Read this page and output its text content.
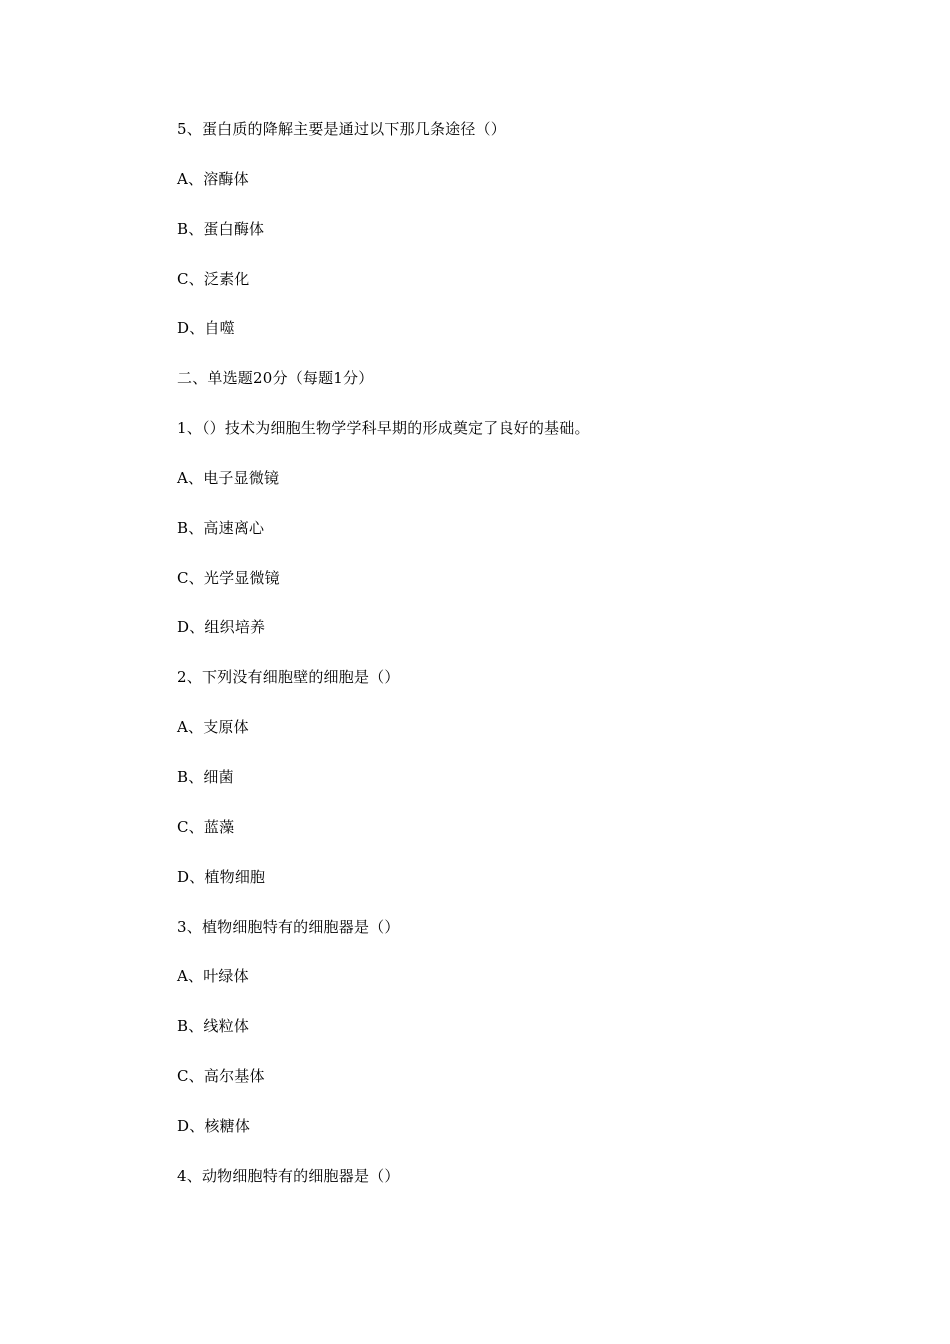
5、蛋白质的降解主要是通过以下那几条途径（）
A、溶酶体
B、蛋白酶体
C、泛素化
D、自噬
二、单选题20分（每题1分）
1、（）技术为细胞生物学学科早期的形成奠定了良好的基础。
A、电子显微镜
B、高速离心
C、光学显微镜
D、组织培养
2、下列没有细胞壁的细胞是（）
A、支原体
B、细菌
C、蓝藻
D、植物细胞
3、植物细胞特有的细胞器是（）
A、叶绿体
B、线粒体
C、高尔基体
D、核糖体
4、动物细胞特有的细胞器是（）
